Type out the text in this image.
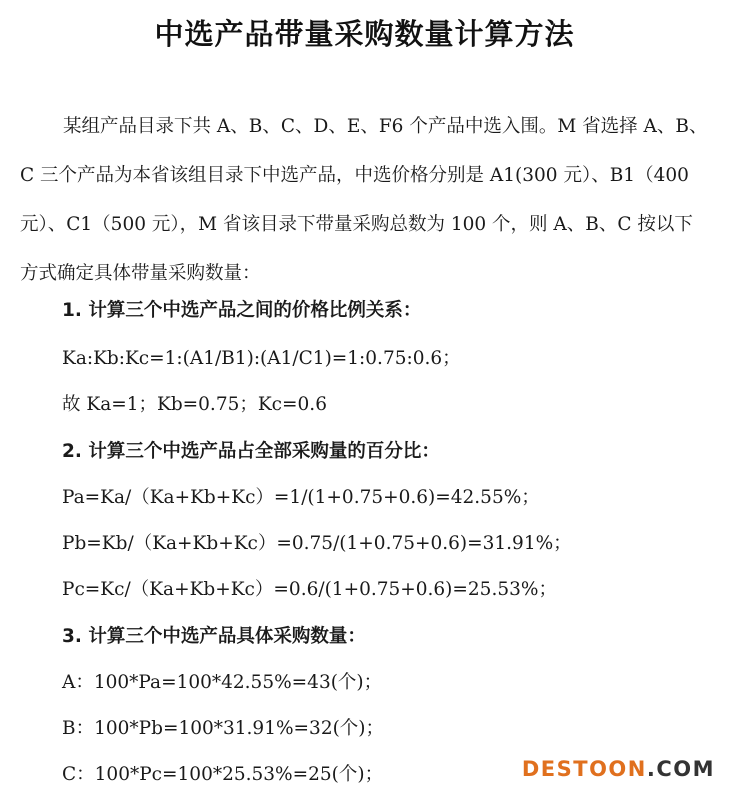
中选产品带量采购数量计算方法

某组产品目录下共 A、B、C、D、E、F6 个产品中选入围。M 省选择 A、B、
C 三个产品为本省该组目录下中选产品，中选价格分别是 A1(300 元）、B1（400
元）、C1（500 元），M 省该目录下带量采购总数为 100 个，则 A、B、C 按以下
方式确定具体带量采购数量：

1. 计算三个中选产品之间的价格比例关系：
Ka:Kb:Kc=1:(A1/B1):(A1/C1)=1:0.75:0.6；
故 Ka=1；Kb=0.75；Kc=0.6
2. 计算三个中选产品占全部采购量的百分比：
Pa=Ka/（Ka+Kb+Kc）=1/(1+0.75+0.6)=42.55%；
Pb=Kb/（Ka+Kb+Kc）=0.75/(1+0.75+0.6)=31.91%；
Pc=Kc/（Ka+Kb+Kc）=0.6/(1+0.75+0.6)=25.53%；
3. 计算三个中选产品具体采购数量：
A：100*Pa=100*42.55%=43(个)；
B：100*Pb=100*31.91%=32(个)；
C：100*Pc=100*25.53%=25(个)；	DESTOON.COM
